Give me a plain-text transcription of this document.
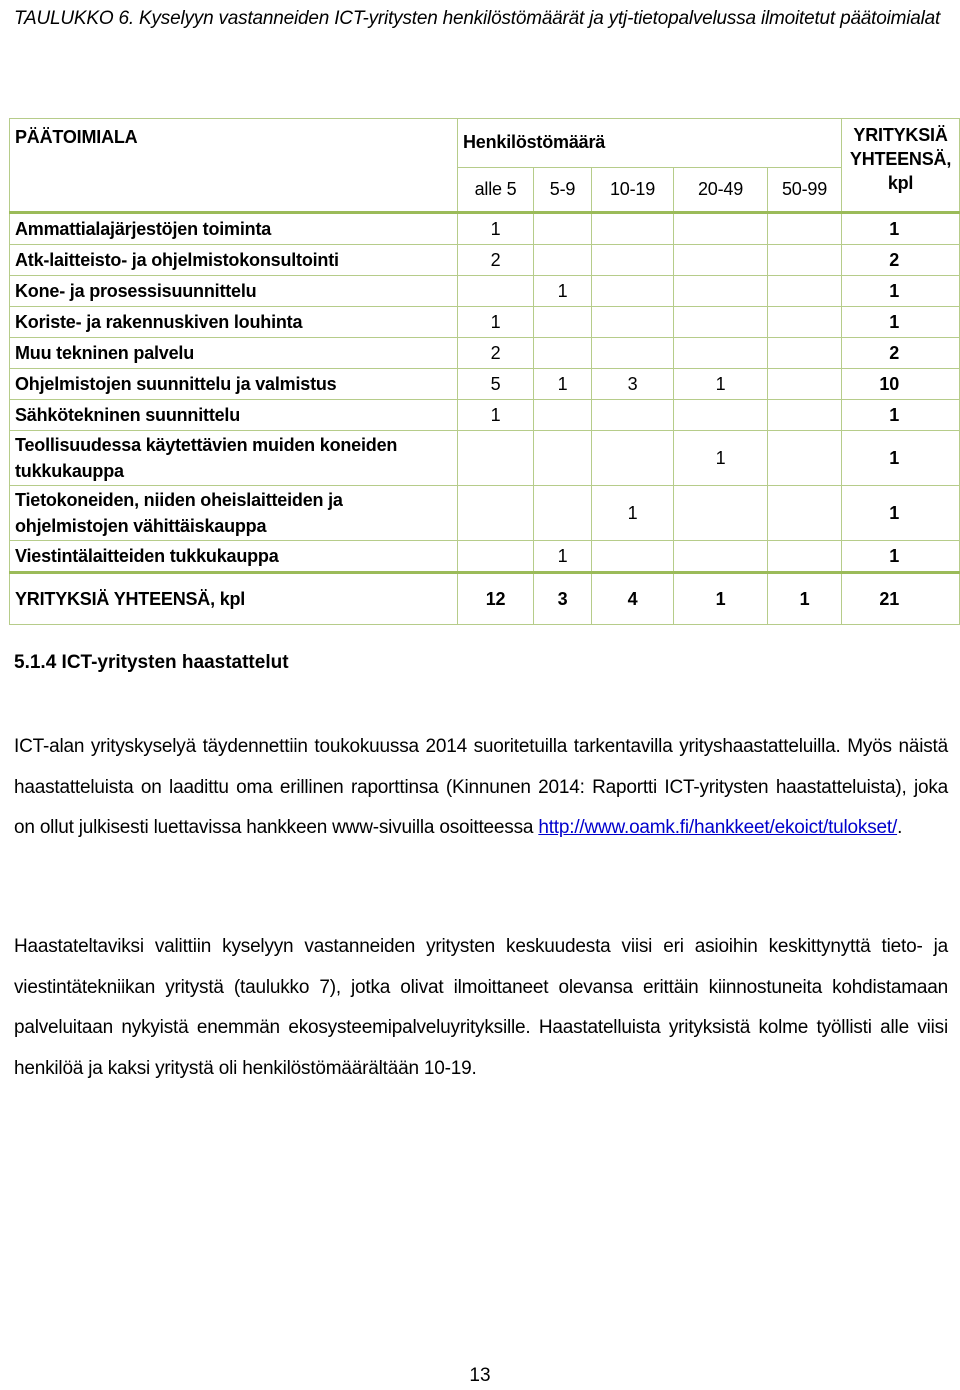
TAULUKKO 6. Kyselyyn vastanneiden ICT-yritysten henkilöstömäärät ja ytj-tietopalvelussa ilmoitetut päätoimialat
PÄÄTOIMIALA	Henkilöstömäärä					YRITYKSIÄ YHTEENSÄ, kpl
	alle 5	5-9	10-19	20-49	50-99	
Ammattialajärjestöjen toiminta	1					1
Atk-laitteisto- ja ohjelmistokonsultointi	2					2
Kone- ja prosessisuunnittelu		1				1
Koriste- ja rakennuskiven louhinta	1					1
Muu tekninen palvelu	2					2
Ohjelmistojen suunnittelu ja valmistus	5	1	3	1		10
Sähkötekninen suunnittelu	1					1
Teollisuudessa käytettävien muiden koneiden tukkukauppa				1		1
Tietokoneiden, niiden oheislaitteiden ja ohjelmistojen vähittäiskauppa			1			1
Viestintälaitteiden tukkukauppa		1				1
YRITYKSIÄ YHTEENSÄ, kpl	12	3	4	1	1	21
5.1.4 ICT-yritysten haastattelut
ICT-alan yrityskyselyä täydennettiin toukokuussa 2014 suoritetuilla tarkentavilla yrityshaastatteluilla. Myös näistä haastatteluista on laadittu oma erillinen raporttinsa (Kinnunen 2014: Raportti ICT-yritysten haastatteluista), joka on ollut julkisesti luettavissa hankkeen www-sivuilla osoitteessa http://www.oamk.fi/hankkeet/ekoict/tulokset/.
Haastateltaviksi valittiin kyselyyn vastanneiden yritysten keskuudesta viisi eri asioihin keskittynyttä tieto- ja viestintätekniikan yritystä (taulukko 7), jotka olivat ilmoittaneet olevansa erittäin kiinnostuneita kohdistamaan palveluitaan nykyistä enemmän ekosysteemipalveluyrityksille. Haastatelluista yrityksistä kolme työllisti alle viisi henkilöä ja kaksi yritystä oli henkilöstömäärältään 10-19.
13
